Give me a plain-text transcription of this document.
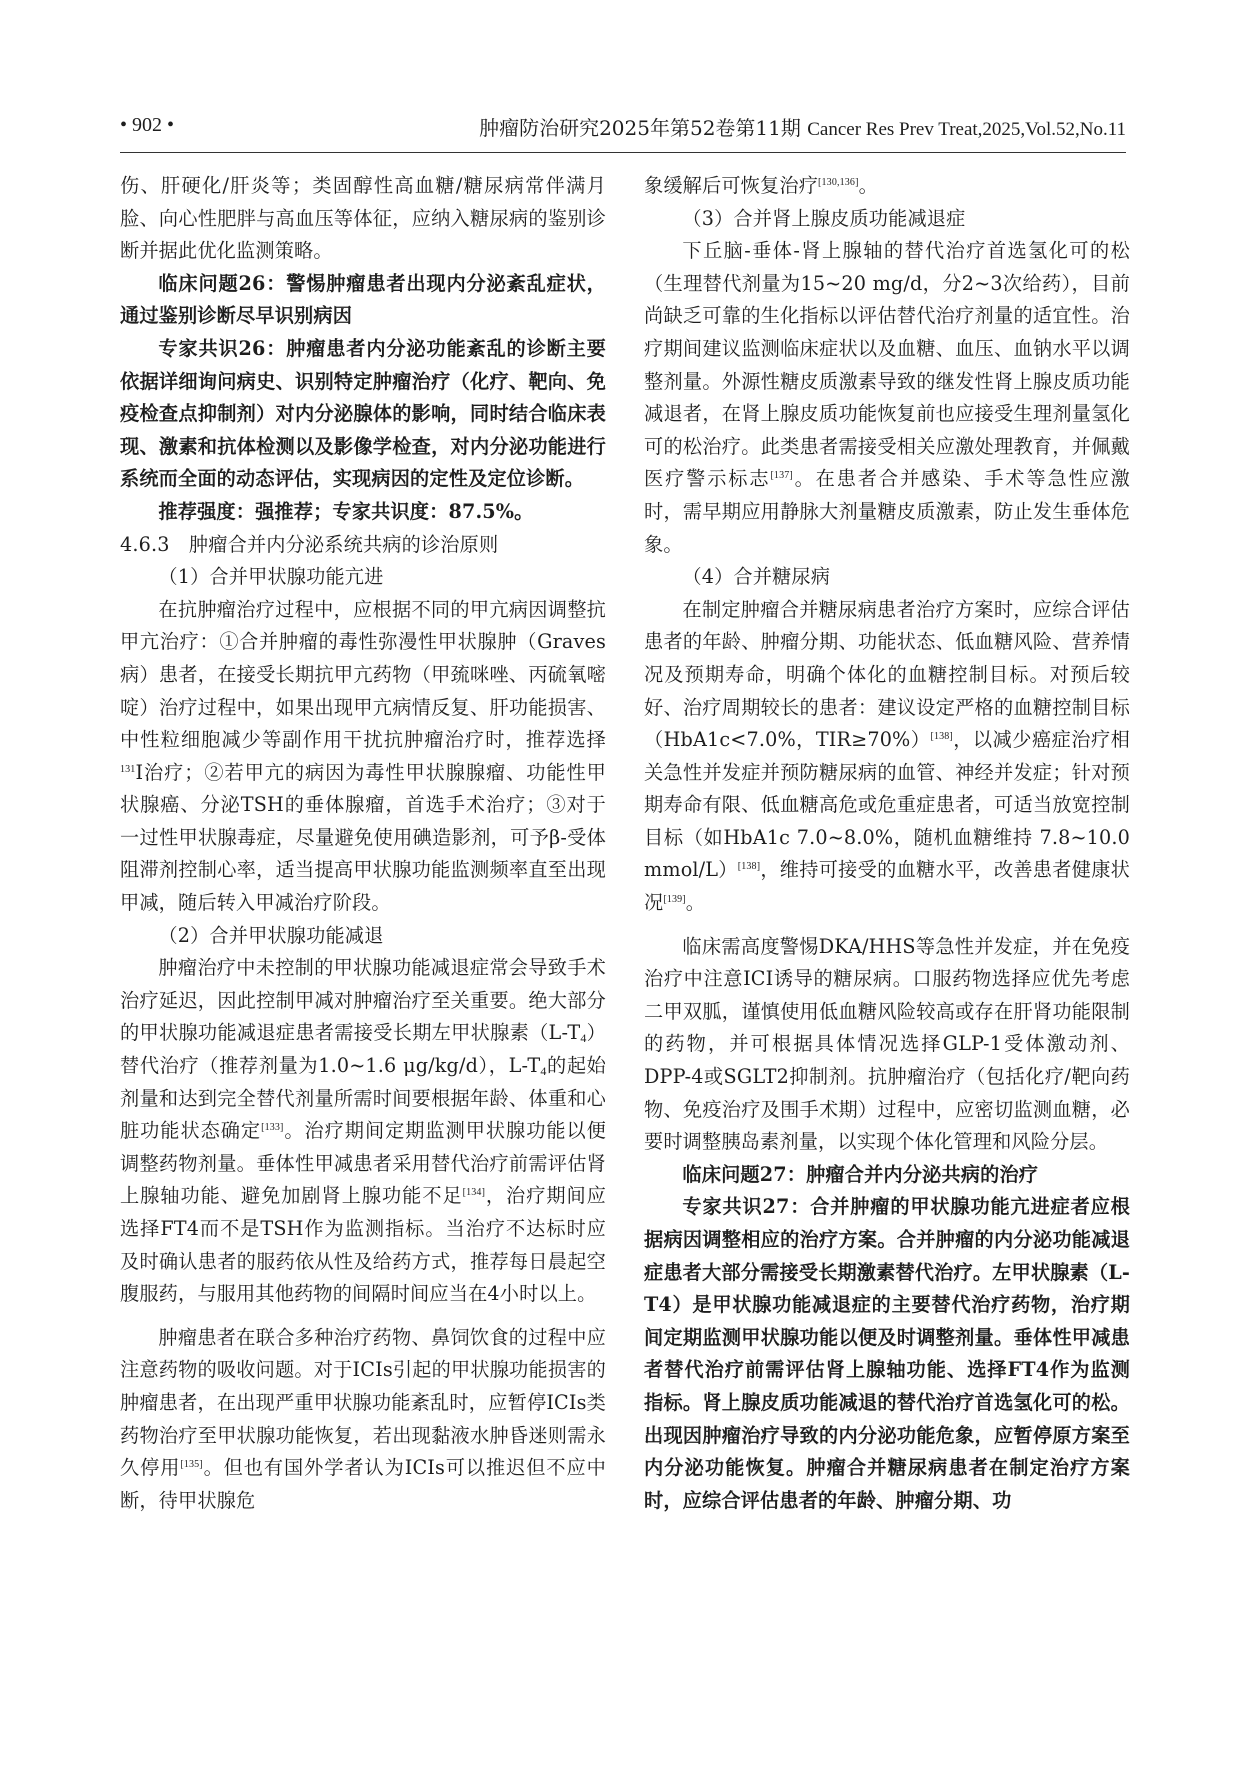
• 902 •	肿瘤防治研究2025年第52卷第11期 Cancer Res Prev Treat,2025,Vol.52,No.11

伤、肝硬化/肝炎等；类固醇性高血糖/糖尿病常伴满月脸、向心性肥胖与高血压等体征，应纳入糖尿病的鉴别诊断并据此优化监测策略。

临床问题26：警惕肿瘤患者出现内分泌紊乱症状，通过鉴别诊断尽早识别病因

专家共识26：肿瘤患者内分泌功能紊乱的诊断主要依据详细询问病史、识别特定肿瘤治疗（化疗、靶向、免疫检查点抑制剂）对内分泌腺体的影响，同时结合临床表现、激素和抗体检测以及影像学检查，对内分泌功能进行系统而全面的动态评估，实现病因的定性及定位诊断。

推荐强度：强推荐；专家共识度：87.5%。

4.6.3　肿瘤合并内分泌系统共病的诊治原则

（1）合并甲状腺功能亢进

在抗肿瘤治疗过程中，应根据不同的甲亢病因调整抗甲亢治疗：①合并肿瘤的毒性弥漫性甲状腺肿（Graves病）患者，在接受长期抗甲亢药物（甲巯咪唑、丙硫氧嘧啶）治疗过程中，如果出现甲亢病情反复、肝功能损害、中性粒细胞减少等副作用干扰抗肿瘤治疗时，推荐选择$^{131}$I治疗；②若甲亢的病因为毒性甲状腺腺瘤、功能性甲状腺癌、分泌TSH的垂体腺瘤，首选手术治疗；③对于一过性甲状腺毒症，尽量避免使用碘造影剂，可予β-受体阻滞剂控制心率，适当提高甲状腺功能监测频率直至出现甲减，随后转入甲减治疗阶段。

（2）合并甲状腺功能减退

肿瘤治疗中未控制的甲状腺功能减退症常会导致手术治疗延迟，因此控制甲减对肿瘤治疗至关重要。绝大部分的甲状腺功能减退症患者需接受长期左甲状腺素$(L-T_4)$替代治疗（推荐剂量为1.0~1.6 μg/kg/d），$L-T_4$的起始剂量和达到完全替代剂量所需时间要根据年龄、体重和心脏功能状态确定[133]。治疗期间定期监测甲状腺功能以便调整药物剂量。垂体性甲减患者采用替代治疗前需评估肾上腺轴功能、避免加剧肾上腺功能不足[134]，治疗期间应选择FT4而不是TSH作为监测指标。当治疗不达标时应及时确认患者的服药依从性及给药方式，推荐每日晨起空腹服药，与服用其他药物的间隔时间应当在4小时以上。

肿瘤患者在联合多种治疗药物、鼻饲饮食的过程中应注意药物的吸收问题。对于ICIs引起的甲状腺功能损害的肿瘤患者，在出现严重甲状腺功能紊乱时，应暂停ICIs类药物治疗至甲状腺功能恢复，若出现黏液水肿昏迷则需永久停用[135]。但也有国外学者认为ICIs可以推迟但不应中断，待甲状腺危

象缓解后可恢复治疗[130,136]。

（3）合并肾上腺皮质功能减退症

下丘脑-垂体-肾上腺轴的替代治疗首选氢化可的松（生理替代剂量为15~20 mg/d，分2~3次给药），目前尚缺乏可靠的生化指标以评估替代治疗剂量的适宜性。治疗期间建议监测临床症状以及血糖、血压、血钠水平以调整剂量。外源性糖皮质激素导致的继发性肾上腺皮质功能减退者，在肾上腺皮质功能恢复前也应接受生理剂量氢化可的松治疗。此类患者需接受相关应激处理教育，并佩戴医疗警示标志[137]。在患者合并感染、手术等急性应激时，需早期应用静脉大剂量糖皮质激素，防止发生垂体危象。

（4）合并糖尿病

在制定肿瘤合并糖尿病患者治疗方案时，应综合评估患者的年龄、肿瘤分期、功能状态、低血糖风险、营养情况及预期寿命，明确个体化的血糖控制目标。对预后较好、治疗周期较长的患者：建议设定严格的血糖控制目标（HbA1c<7.0%，TIR≥70%）[138]，以减少癌症治疗相关急性并发症并预防糖尿病的血管、神经并发症；针对预期寿命有限、低血糖高危或危重症患者，可适当放宽控制目标（如HbA1c 7.0~8.0%，随机血糖维持 7.8~10.0 mmol/L）[138]，维持可接受的血糖水平，改善患者健康状况[139]。

临床需高度警惕DKA/HHS等急性并发症，并在免疫治疗中注意ICI诱导的糖尿病。口服药物选择应优先考虑二甲双胍，谨慎使用低血糖风险较高或存在肝肾功能限制的药物，并可根据具体情况选择GLP-1受体激动剂、DPP-4或SGLT2抑制剂。抗肿瘤治疗（包括化疗/靶向药物、免疫治疗及围手术期）过程中，应密切监测血糖，必要时调整胰岛素剂量，以实现个体化管理和风险分层。

临床问题27：肿瘤合并内分泌共病的治疗

专家共识27：合并肿瘤的甲状腺功能亢进症者应根据病因调整相应的治疗方案。合并肿瘤的内分泌功能减退症患者大部分需接受长期激素替代治疗。左甲状腺素（L-T4）是甲状腺功能减退症的主要替代治疗药物，治疗期间定期监测甲状腺功能以便及时调整剂量。垂体性甲减患者替代治疗前需评估肾上腺轴功能、选择FT4作为监测指标。肾上腺皮质功能减退的替代治疗首选氢化可的松。出现因肿瘤治疗导致的内分泌功能危象，应暂停原方案至内分泌功能恢复。肿瘤合并糖尿病患者在制定治疗方案时，应综合评估患者的年龄、肿瘤分期、功
